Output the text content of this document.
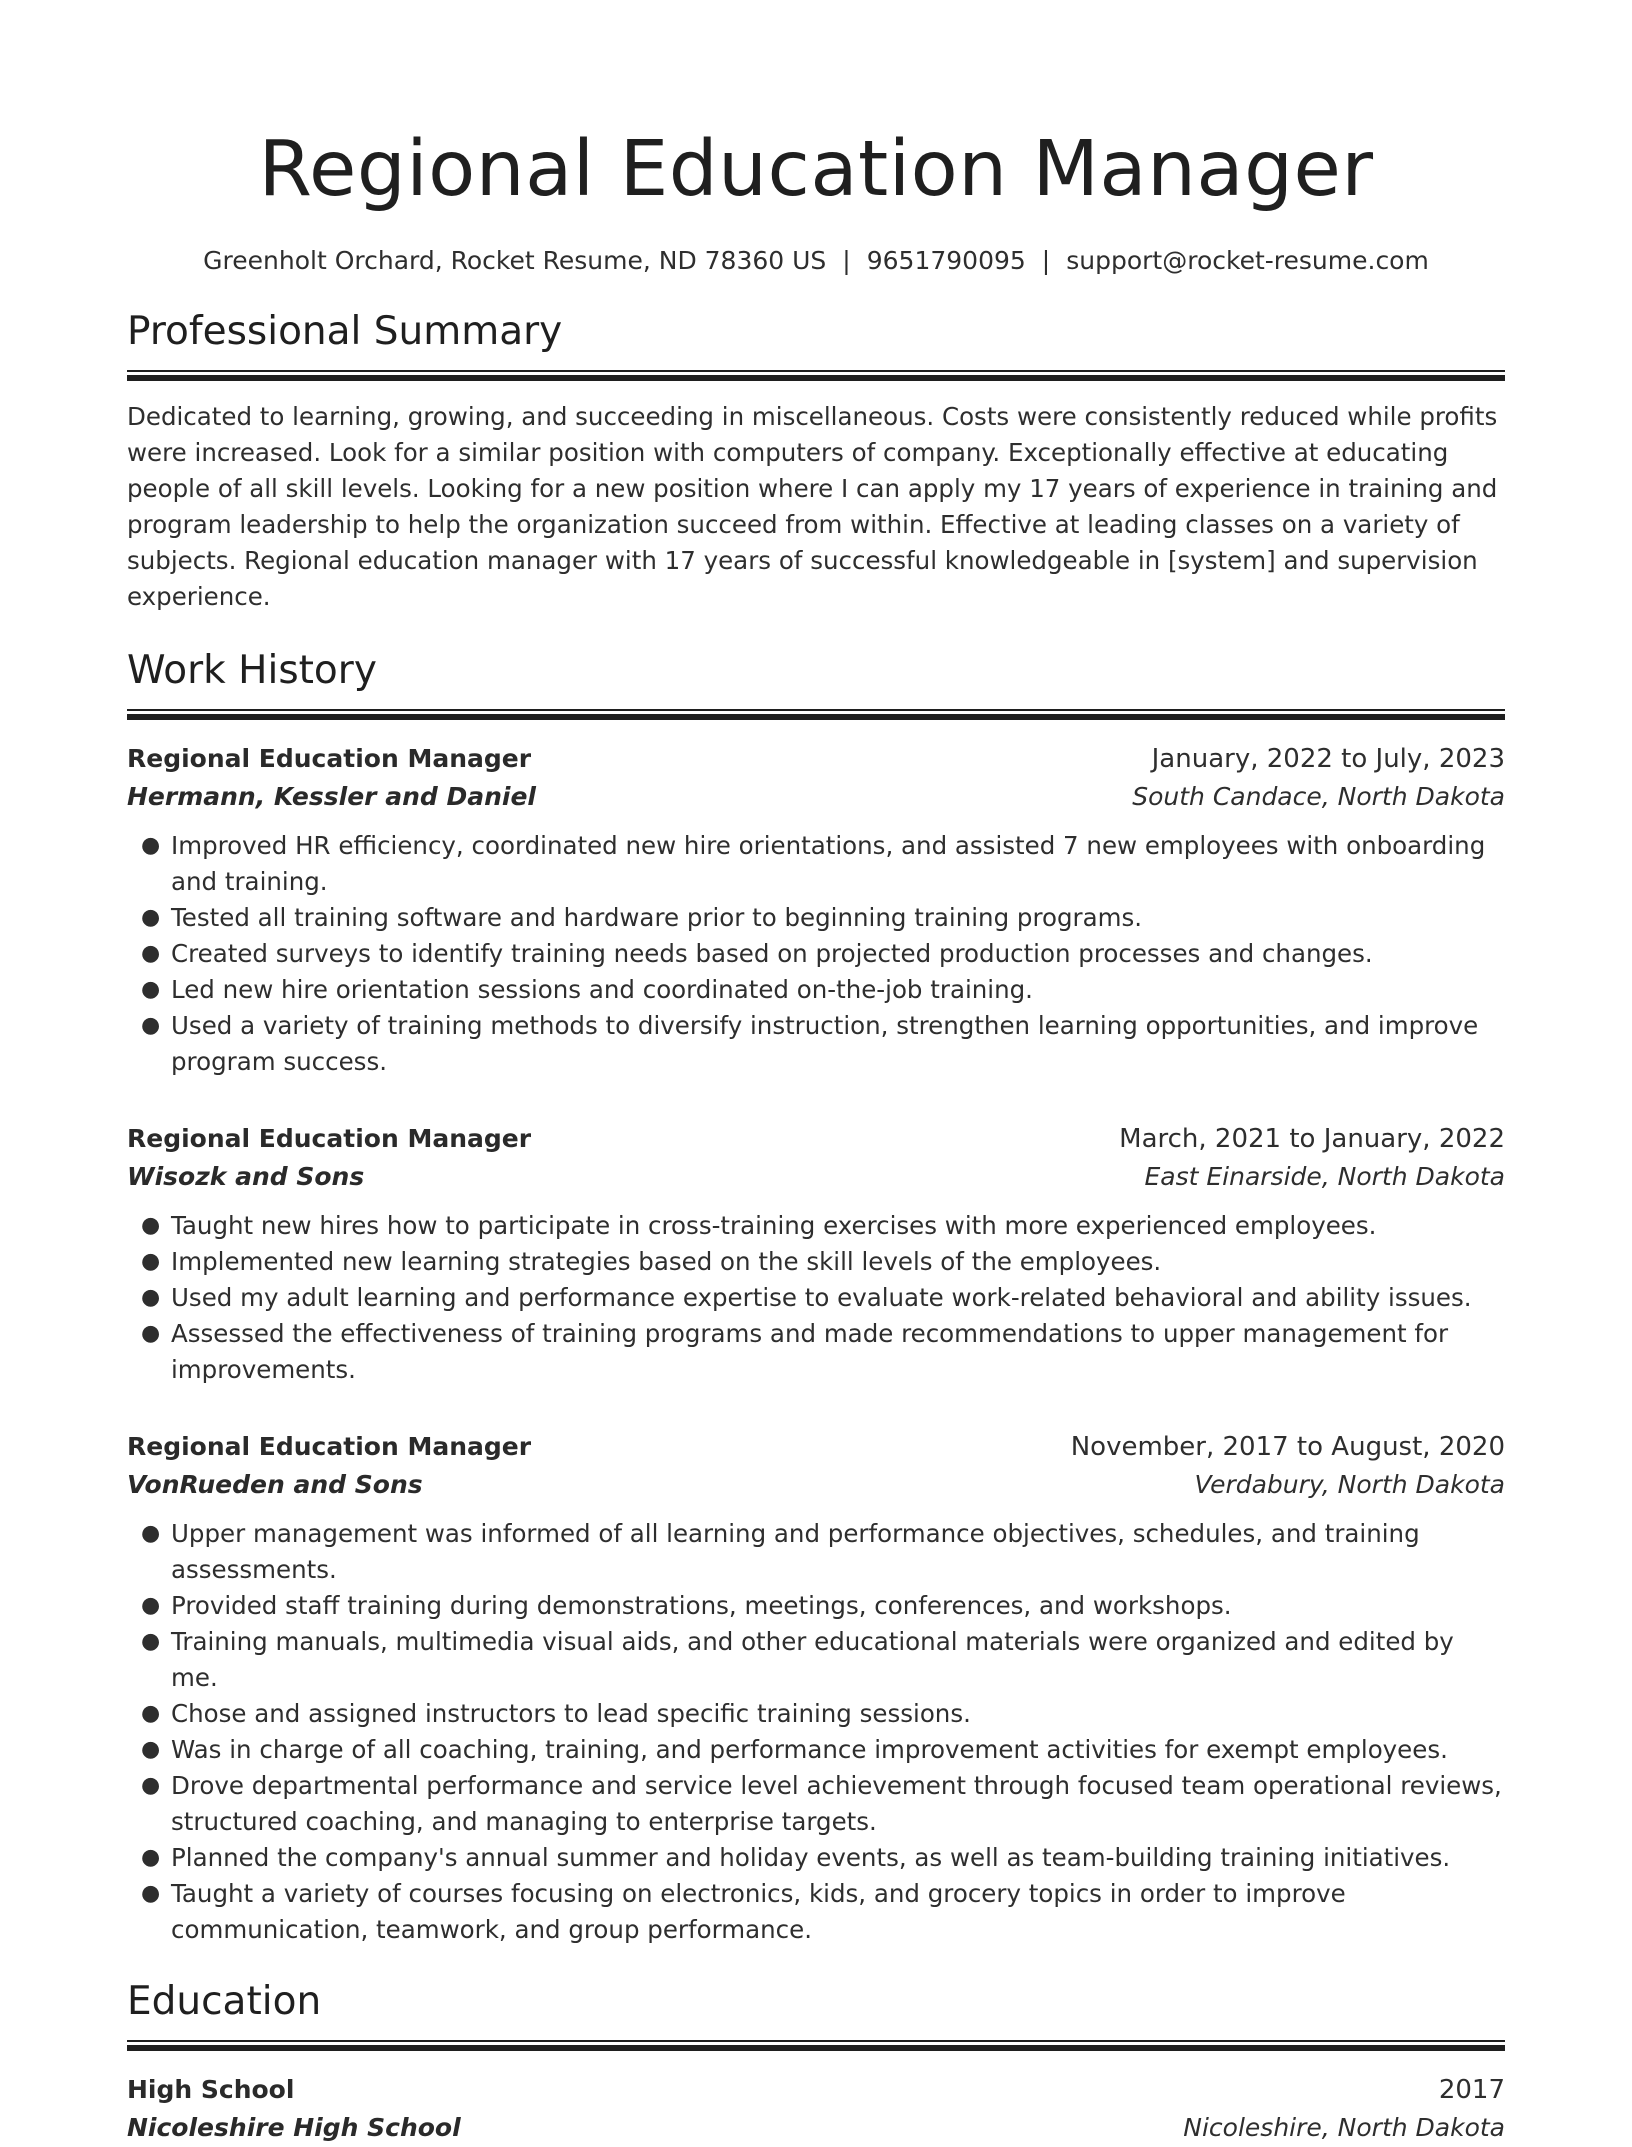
Regional Education Manager
Greenholt Orchard, Rocket Resume, ND 78360 US | 9651790095 | support@rocket-resume.com
Professional Summary

Dedicated to learning, growing, and succeeding in miscellaneous. Costs were consistently reduced while profits were increased. Look for a similar position with computers of company. Exceptionally effective at educating people of all skill levels. Looking for a new position where I can apply my 17 years of experience in training and program leadership to help the organization succeed from within. Effective at leading classes on a variety of subjects. Regional education manager with 17 years of successful knowledgeable in [system] and supervision experience.

Work History
Regional Education Manager	January, 2022 to July, 2023
Hermann, Kessler and Daniel	South Candace, North Dakota
● Improved HR efficiency, coordinated new hire orientations, and assisted 7 new employees with onboarding and training.
● Tested all training software and hardware prior to beginning training programs.
● Created surveys to identify training needs based on projected production processes and changes.
● Led new hire orientation sessions and coordinated on-the-job training.
● Used a variety of training methods to diversify instruction, strengthen learning opportunities, and improve program success.
Regional Education Manager	March, 2021 to January, 2022
Wisozk and Sons	East Einarside, North Dakota
● Taught new hires how to participate in cross-training exercises with more experienced employees.
● Implemented new learning strategies based on the skill levels of the employees.
● Used my adult learning and performance expertise to evaluate work-related behavioral and ability issues.
● Assessed the effectiveness of training programs and made recommendations to upper management for improvements.
Regional Education Manager	November, 2017 to August, 2020
VonRueden and Sons	Verdabury, North Dakota
● Upper management was informed of all learning and performance objectives, schedules, and training assessments.
● Provided staff training during demonstrations, meetings, conferences, and workshops.
● Training manuals, multimedia visual aids, and other educational materials were organized and edited by me.
● Chose and assigned instructors to lead specific training sessions.
● Was in charge of all coaching, training, and performance improvement activities for exempt employees.
● Drove departmental performance and service level achievement through focused team operational reviews, structured coaching, and managing to enterprise targets.
● Planned the company's annual summer and holiday events, as well as team-building training initiatives.
● Taught a variety of courses focusing on electronics, kids, and grocery topics in order to improve communication, teamwork, and group performance.
Education
High School	2017
Nicoleshire High School	Nicoleshire, North Dakota
